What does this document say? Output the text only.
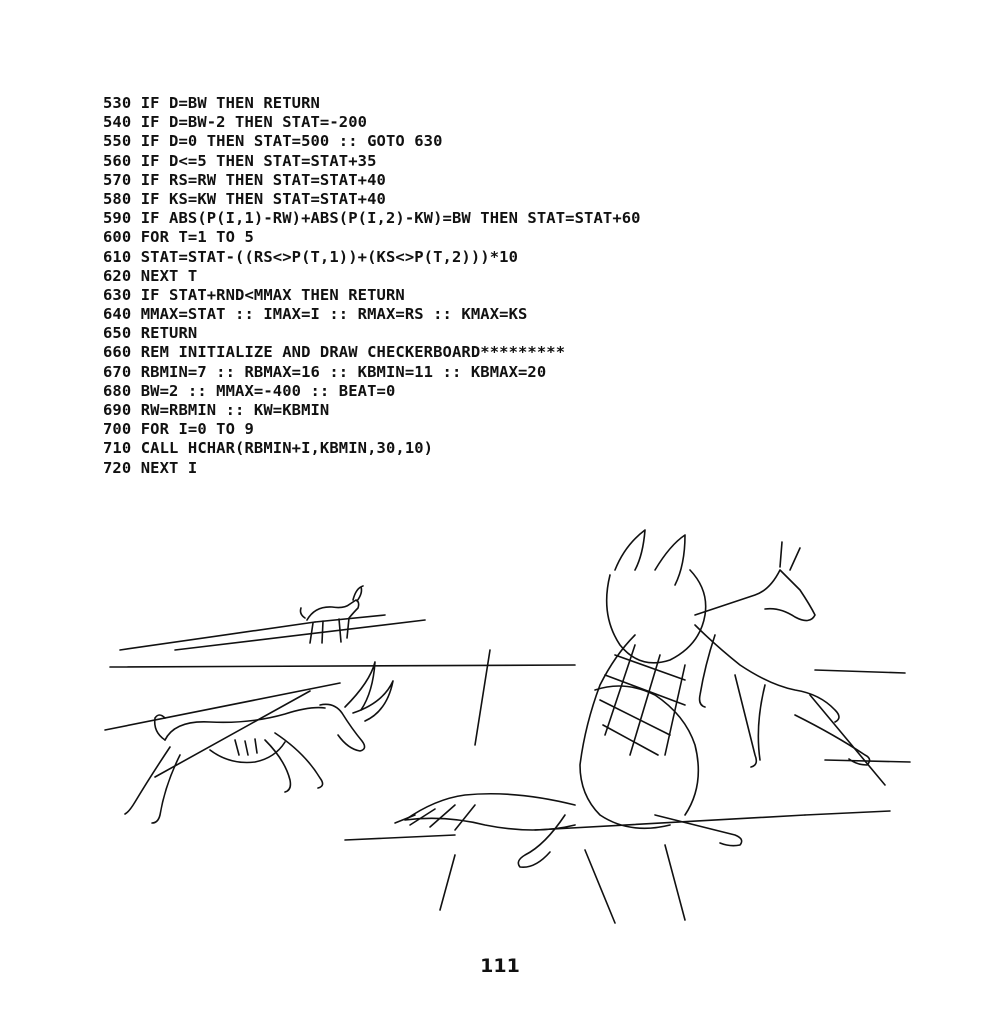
530 IF D=BW THEN RETURN
540 IF D=BW-2 THEN STAT=-200
550 IF D=0 THEN STAT=500 :: GOTO 630
560 IF D<=5 THEN STAT=STAT+35
570 IF RS=RW THEN STAT=STAT+40
580 IF KS=KW THEN STAT=STAT+40
590 IF ABS(P(I,1)-RW)+ABS(P(I,2)-KW)=BW THEN STAT=STAT+60
600 FOR T=1 TO 5
610 STAT=STAT-((RS<>P(T,1))+(KS<>P(T,2)))*10
620 NEXT T
630 IF STAT+RND<MMAX THEN RETURN
640 MMAX=STAT :: IMAX=I :: RMAX=RS :: KMAX=KS
650 RETURN
660 REM INITIALIZE AND DRAW CHECKERBOARD*********
670 RBMIN=7 :: RBMAX=16 :: KBMIN=11 :: KBMAX=20
680 BW=2 :: MMAX=-400 :: BEAT=0
690 RW=RBMIN :: KW=KBMIN
700 FOR I=0 TO 9
710 CALL HCHAR(RBMIN+I,KBMIN,30,10)
720 NEXT I
111
